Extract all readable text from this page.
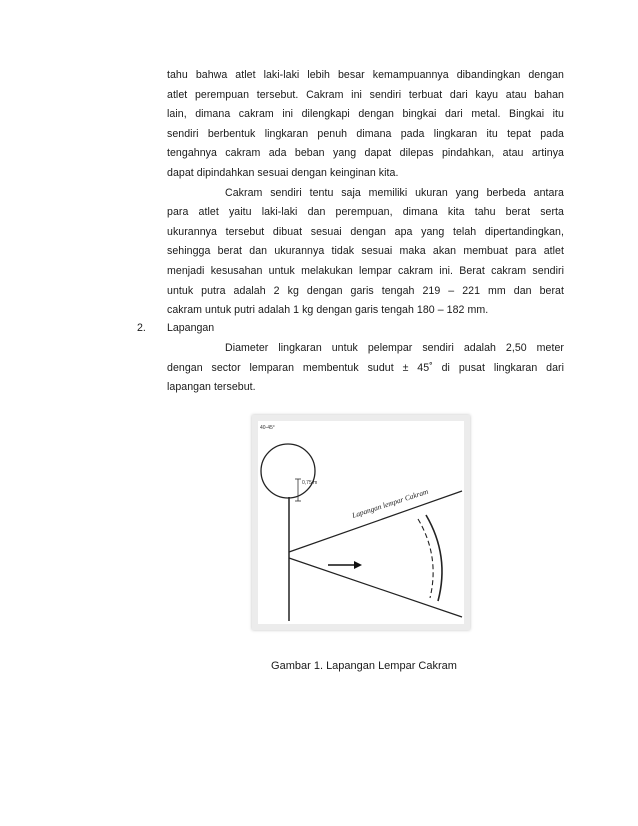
tahu bahwa atlet laki-laki lebih besar kemampuannya dibandingkan dengan
atlet perempuan tersebut. Cakram ini sendiri terbuat dari kayu atau bahan
lain, dimana cakram ini dilengkapi dengan bingkai dari metal. Bingkai itu
sendiri berbentuk lingkaran penuh dimana pada lingkaran itu tepat pada
tengahnya cakram ada beban yang dapat dilepas pindahkan, atau artinya
dapat dipindahkan sesuai dengan keinginan kita.
Cakram sendiri tentu saja memiliki ukuran yang berbeda antara
para atlet yaitu laki-laki dan perempuan, dimana kita tahu berat serta
ukurannya tersebut dibuat sesuai dengan apa yang telah dipertandingkan,
sehingga berat dan ukurannya tidak sesuai maka akan membuat para atlet
menjadi kesusahan untuk melakukan lempar cakram ini. Berat cakram sendiri
untuk putra adalah 2 kg dengan garis tengah 219 – 221 mm dan berat
cakram untuk putri adalah 1 kg dengan garis tengah 180 – 182 mm.
2. Lapangan
Diameter lingkaran untuk pelempar sendiri adalah 2,50 meter
dengan sector lemparan membentuk sudut ± 45˚ di pusat lingkaran dari
lapangan tersebut.
40-45°
0,75 m
Lapangan lempar Cakram
Gambar 1. Lapangan Lempar Cakram
